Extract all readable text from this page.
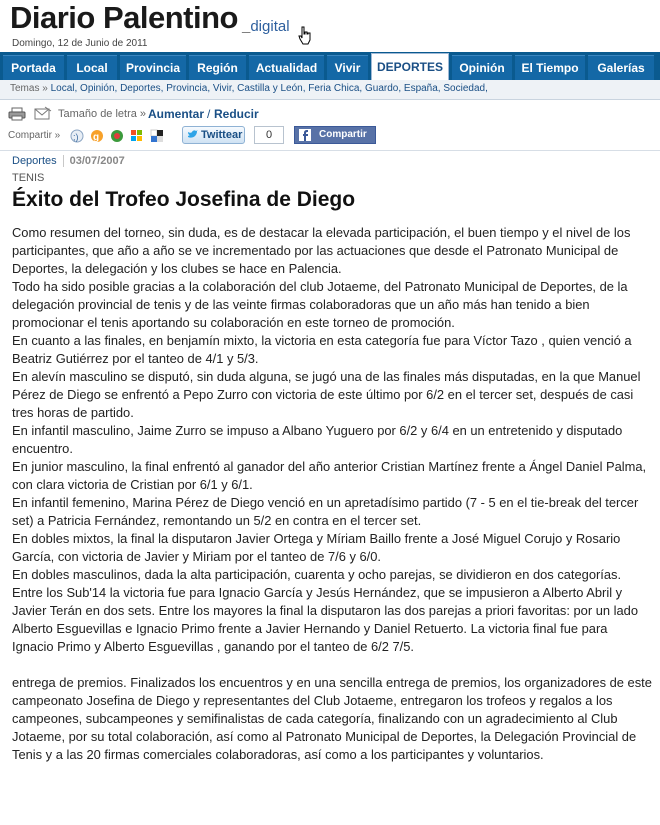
Diario Palentino _digital
Domingo, 12 de Junio de 2011
Portada	Local	Provincia	Región	Actualidad	Vivir	DEPORTES	Opinión	El Tiempo	Galerías
Temas » Local, Opinión, Deportes, Provincia, Vivir, Castilla y León, Feria Chica, Guardo, España, Sociedad,
Tamaño de letra » Aumentar / Reducir
Compartir » ;) g	Twittear	0	Compartir
Deportes 03/07/2007
TENIS
Éxito del Trofeo Josefina de Diego

Como resumen del torneo, sin duda, es de destacar la elevada participación, el buen tiempo y el nivel de los participantes, que año a año se ve incrementado por las actuaciones que desde el Patronato Municipal de Deportes, la delegación y los clubes se hace en Palencia.

Todo ha sido posible gracias a la colaboración del club Jotaeme, del Patronato Municipal de Deportes, de la delegación provincial de tenis y de las veinte firmas colaboradoras que un año más han tenido a bien promocionar el tenis aportando su colaboración en este torneo de promoción.

En cuanto a las finales, en benjamín mixto, la victoria en esta categoría fue para Víctor Tazo , quien venció a Beatriz Gutiérrez por el tanteo de 4/1 y 5/3.

En alevín masculino se disputó, sin duda alguna, se jugó una de las finales más disputadas, en la que Manuel Pérez de Diego se enfrentó a Pepo Zurro con victoria de este último por 6/2 en el tercer set, después de casi tres horas de partido.

En infantil masculino, Jaime Zurro se impuso a Albano Yuguero por 6/2 y 6/4 en un entretenido y disputado encuentro.

En junior masculino, la final enfrentó al ganador del año anterior Cristian Martínez frente a Ángel Daniel Palma, con clara victoria de Cristian por 6/1 y 6/1.

En infantil femenino, Marina Pérez de Diego venció en un apretadísimo partido (7 - 5 en el tie-break del tercer set) a Patricia Fernández, remontando un 5/2 en contra en el tercer set.

En dobles mixtos, la final la disputaron Javier Ortega y Míriam Baillo frente a José Miguel Corujo y Rosario García, con victoria de Javier y Miriam por el tanteo de 7/6 y 6/0.

En dobles masculinos, dada la alta participación, cuarenta y ocho parejas, se dividieron en dos categorías. Entre los Sub'14 la victoria fue para Ignacio García y Jesús Hernández, que se impusieron a Alberto Abril y Javier Terán en dos sets. Entre los mayores la final la disputaron las dos parejas a priori favoritas: por un lado Alberto Esguevillas e Ignacio Primo frente a Javier Hernando y Daniel Retuerto. La victoria final fue para Ignacio Primo y Alberto Esguevillas , ganando por el tanteo de 6/2 7/5.

entrega de premios. Finalizados los encuentros y en una sencilla entrega de premios, los organizadores de este campeonato Josefina de Diego y representantes del Club Jotaeme, entregaron los trofeos y regalos a los campeones, subcampeones y semifinalistas de cada categoría, finalizando con un agradecimiento al Club Jotaeme, por su total colaboración, así como al Patronato Municipal de Deportes, la Delegación Provincial de Tenis y a las 20 firmas comerciales colaboradoras, así como a los participantes y voluntarios.
